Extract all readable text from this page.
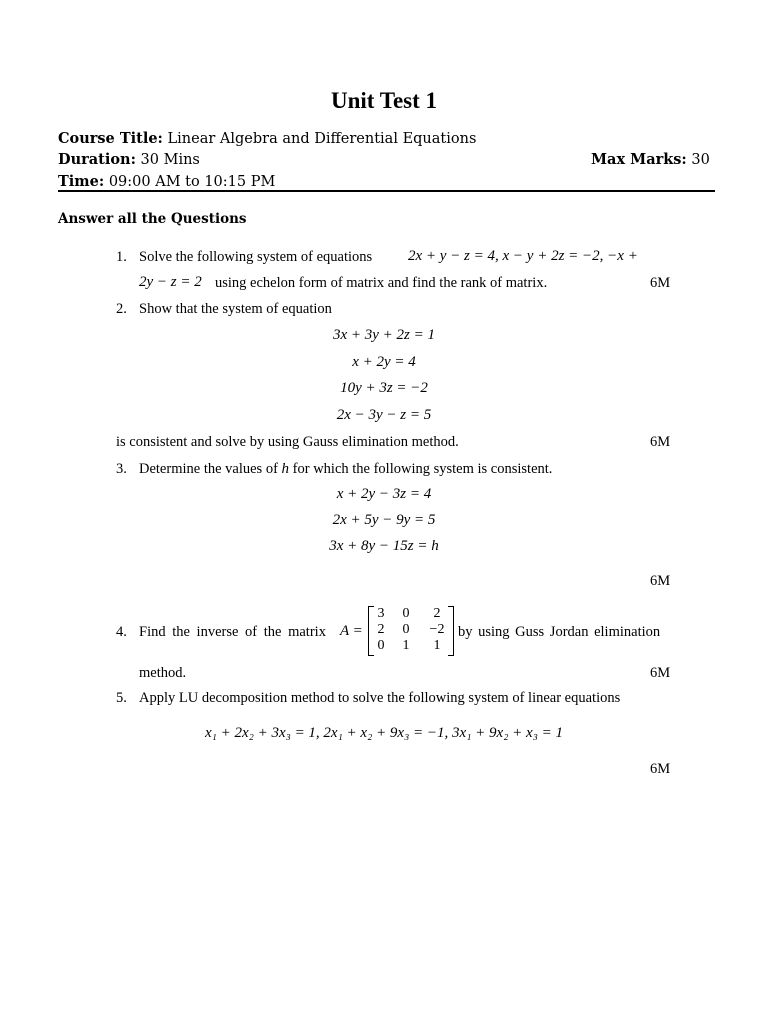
Unit Test 1
Course Title: Linear Algebra and Differential Equations
Duration: 30 Mins	Max Marks: 30
Time: 09:00 AM to 10:15 PM
Answer all the Questions
1. Solve the following system of equations 2x + y − z = 4, x − y + 2z = −2, −x +
2y − z = 2 using echelon form of matrix and find the rank of matrix.	6M
2. Show that the system of equation
3x + 3y + 2z = 1
x + 2y = 4
10y + 3z = −2
2x − 3y − z = 5
is consistent and solve by using Gauss elimination method.	6M
3. Determine the values of h for which the following system is consistent.
x + 2y − 3z = 4
2x + 5y − 9y = 5
3x + 8y − 15z = h
6M
4. Find the inverse of the matrix A =
3	0	2
2	0	−2
0	1	1
by using Guss Jordan elimination
method.	6M
5. Apply LU decomposition method to solve the following system of linear equations
x₁ + 2x₂ + 3x₃ = 1, 2x₁ + x₂ + 9x₃ = −1, 3x₁ + 9x₂ + x₃ = 1
6M
